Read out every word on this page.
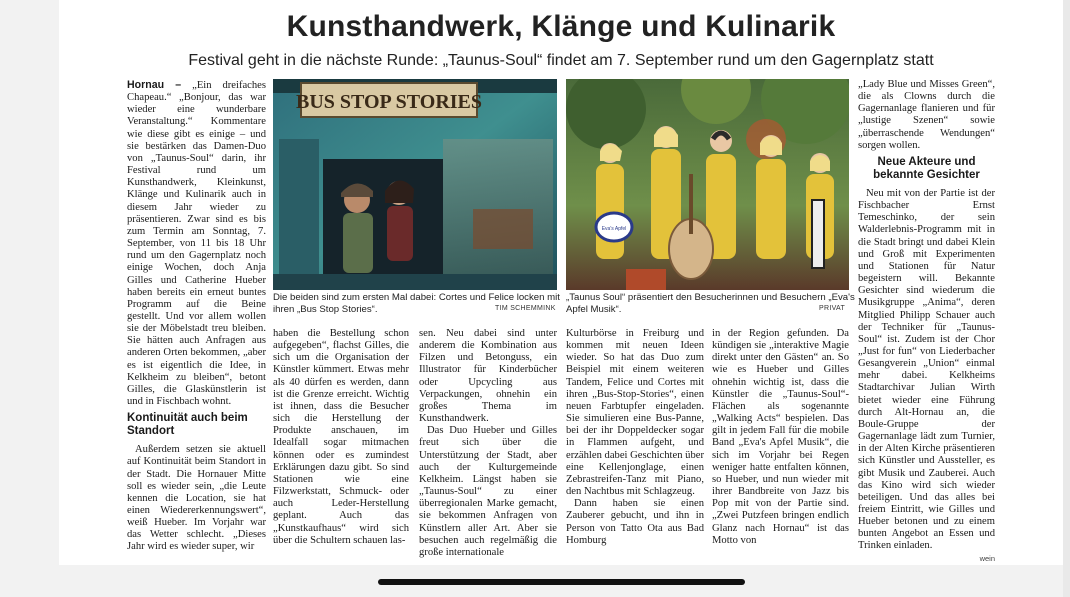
Kunsthandwerk, Klänge und Kulinarik
Festival geht in die nächste Runde: „Taunus-Soul“ findet am 7. September rund um den Gagernplatz statt

Hornau – „Ein dreifaches Chapeau.“ „Bonjour, das war wieder eine wunderbare Veranstaltung.“ Kommentare wie diese gibt es einige – und sie bestärken das Damen-Duo von „Taunus-Soul“ darin, ihr Festival rund um Kunsthandwerk, Kleinkunst, Klänge und Kulinarik auch in diesem Jahr wieder zu präsentieren. Zwar sind es bis zum Termin am Sonntag, 7. September, von 11 bis 18 Uhr rund um den Gagernplatz noch einige Wochen, doch Anja Gilles und Catherine Hueber haben bereits ein erneut buntes Programm auf die Beine gestellt. Und vor allem wollen sie der Möbelstadt treu bleiben. Sie hätten auch Anfragen aus anderen Orten bekommen, „aber es ist eigentlich die Idee, in Kelkheim zu bleiben“, betont Gilles, die Glaskünstlerin ist und in Fischbach wohnt.

Kontinuität auch beim Standort

Außerdem setzen sie aktuell auf Kontinuität beim Standort in der Stadt. Die Hornauer Mitte soll es wieder sein, „die Leute kennen die Location, sie hat einen Wiedererkennungswert“, weiß Hueber. Im Vorjahr war das Wetter schlecht. „Dieses Jahr wird es wieder super, wir

BUS STOP STORIES
Die beiden sind zum ersten Mal dabei: Cortes und Felice locken mit ihren „Bus Stop Stories“.	TIM SCHEMMINK
Eva's Apfel
„Taunus Soul“ präsentiert den Besucherinnen und Besuchern „Eva's Apfel Musik“.	PRIVAT

haben die Bestellung schon aufgegeben“, flachst Gilles, die sich um die Organisation der Künstler kümmert. Etwas mehr als 40 dürfen es werden, dann ist die Grenze erreicht. Wichtig ist ihnen, dass die Besucher sich die Herstellung der Produkte anschauen, im Idealfall sogar mitmachen können oder es zumindest Erklärungen dazu gibt. So sind Stationen wie eine Filzwerkstatt, Schmuck- oder auch Leder-Herstellung geplant. Auch das „Kunstkaufhaus“ wird sich über die Schultern schauen las-

sen. Neu dabei sind unter anderem die Kombination aus Filzen und Betonguss, ein Illustrator für Kinderbücher oder Upcycling aus Verpackungen, ohnehin ein großes Thema im Kunsthandwerk.

Das Duo Hueber und Gilles freut sich über die Unterstützung der Stadt, aber auch der Kulturgemeinde Kelkheim. Längst haben sie „Taunus-Soul“ zu einer überregionalen Marke gemacht, sie bekommen Anfragen von Künstlern aller Art. Aber sie besuchen auch regelmäßig die große internationale

Kulturbörse in Freiburg und kommen mit neuen Ideen wieder. So hat das Duo zum Beispiel mit einem weiteren Tandem, Felice und Cortes mit ihren „Bus-Stop-Stories“, einen neuen Farbtupfer eingeladen. Sie simulieren eine Bus-Panne, bei der ihr Doppeldecker sogar in Flammen aufgeht, und erzählen dabei Geschichten über eine Kellenjonglage, einen Zebrastreifen-Tanz mit Piano, den Nachtbus mit Schlagzeug.

Dann haben sie einen Zauberer gebucht, und ihn in Person von Tatto Ota aus Bad Homburg

in der Region gefunden. Da kündigen sie „interaktive Magie direkt unter den Gästen“ an. So wie es Hueber und Gilles ohnehin wichtig ist, dass die Künstler die „Taunus-Soul“-Flächen als sogenannte „Walking Acts“ bespielen. Das gilt in jedem Fall für die mobile Band „Eva's Apfel Musik“, die sich im Vorjahr bei Regen weniger hatte entfalten können, so Hueber, und nun wieder mit ihrer Bandbreite von Jazz bis Pop mit von der Partie sind. „Zwei Putzfeen bringen endlich Glanz nach Hornau“ ist das Motto von

„Lady Blue und Misses Green“, die als Clowns durch die Gagernanlage flanieren und für „lustige Szenen“ sowie „überraschende Wendungen“ sorgen wollen.

Neue Akteure und bekannte Gesichter

Neu mit von der Partie ist der Fischbacher Ernst Temeschinko, der sein Walderlebnis-Programm mit in die Stadt bringt und dabei Klein und Groß mit Experimenten und Stationen für Natur begeistern will. Bekannte Gesichter sind wiederum die Musikgruppe „Anima“, deren Mitglied Philipp Schauer auch der Techniker für „Taunus-Soul“ ist. Zudem ist der Chor „Just for fun“ von Liederbacher Gesangverein „Union“ einmal mehr dabei. Kelkheims Stadtarchivar Julian Wirth bietet wieder eine Führung durch Alt-Hornau an, die Boule-Gruppe der Gagernanlage lädt zum Turnier, in der Alten Kirche präsentieren sich Künstler und Aussteller, es gibt Musik und Zauberei. Auch das Kino wird sich wieder beteiligen. Und das alles bei freiem Eintritt, wie Gilles und Hueber betonen und zu einem bunten Angebot an Essen und Trinken einladen.

wein
